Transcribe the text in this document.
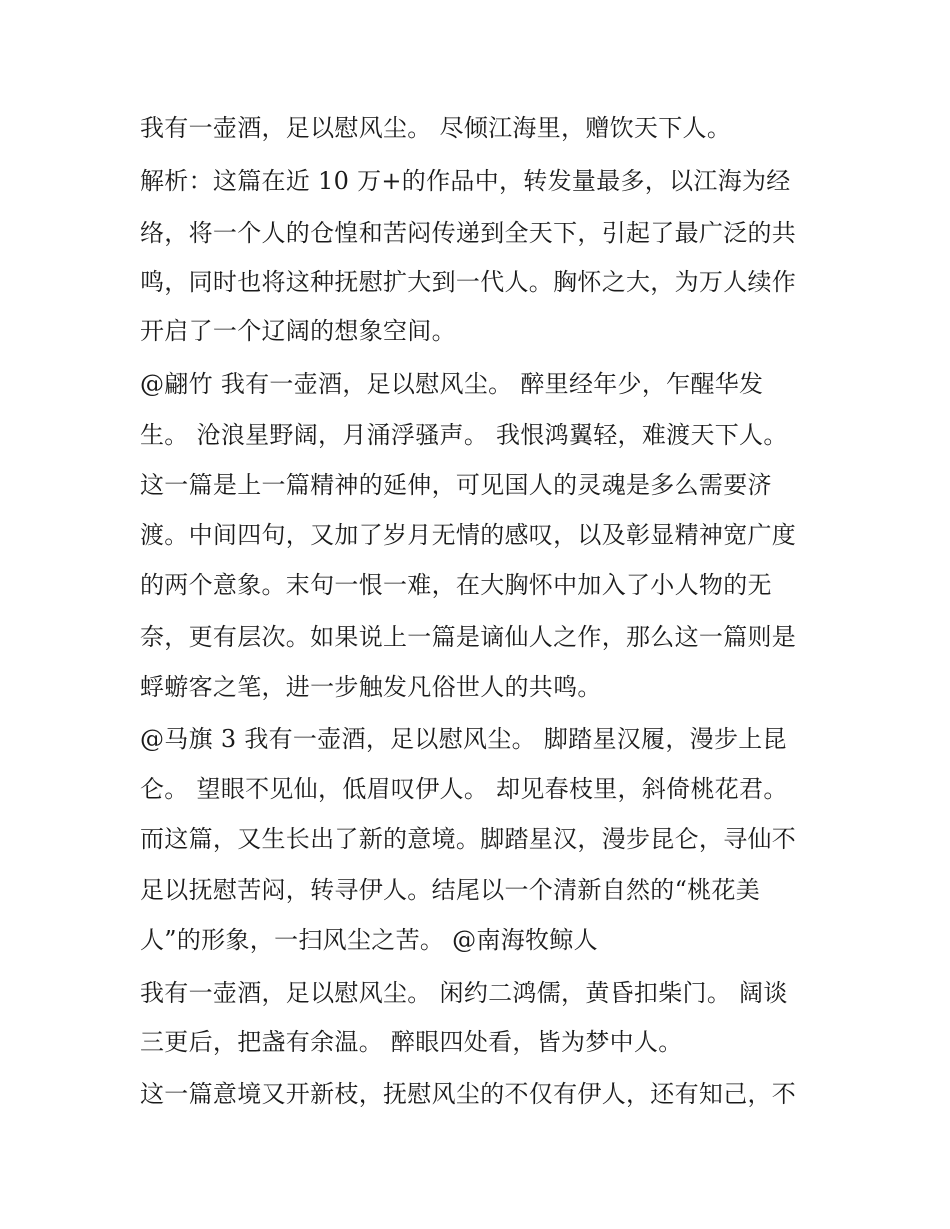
我有一壶酒，足以慰风尘。 尽倾江海里，赠饮天下人。
解析：这篇在近 10 万+的作品中，转发量最多，以江海为经
络，将一个人的仓惶和苦闷传递到全天下，引起了最广泛的共
鸣，同时也将这种抚慰扩大到一代人。胸怀之大，为万人续作
开启了一个辽阔的想象空间。
@翩竹 我有一壶酒，足以慰风尘。 醉里经年少，乍醒华发
生。 沧浪星野阔，月涌浮骚声。 我恨鸿翼轻，难渡天下人。
这一篇是上一篇精神的延伸，可见国人的灵魂是多么需要济
渡。中间四句，又加了岁月无情的感叹，以及彰显精神宽广度
的两个意象。末句一恨一难，在大胸怀中加入了小人物的无
奈，更有层次。如果说上一篇是谪仙人之作，那么这一篇则是
蜉蝣客之笔，进一步触发凡俗世人的共鸣。
@马旗 3 我有一壶酒，足以慰风尘。 脚踏星汉履，漫步上昆
仑。 望眼不见仙，低眉叹伊人。 却见春枝里，斜倚桃花君。
而这篇，又生长出了新的意境。脚踏星汉，漫步昆仑，寻仙不
足以抚慰苦闷，转寻伊人。结尾以一个清新自然的“桃花美
人”的形象，一扫风尘之苦。 @南海牧鲸人
我有一壶酒，足以慰风尘。 闲约二鸿儒，黄昏扣柴门。 阔谈
三更后，把盏有余温。 醉眼四处看，皆为梦中人。
这一篇意境又开新枝，抚慰风尘的不仅有伊人，还有知己，不
